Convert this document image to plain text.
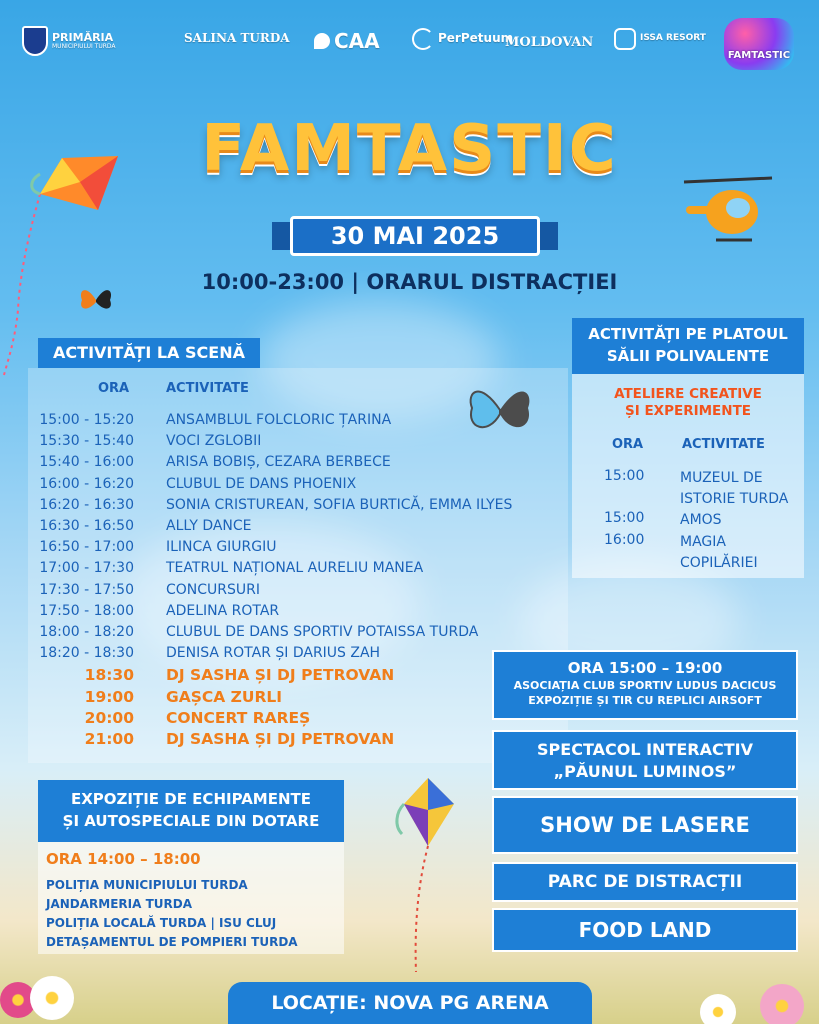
PRIMĂRIA
MUNICIPIULUI TURDA
SALINA TURDA CAA	PerPetuum
MOLDOVAN	ISSA RESORT
FAMTASTIC
FAMTASTIC
30 MAI 2025
10:00-23:00 | ORARUL DISTRACȚIEI
ACTIVITĂȚI LA SCENĂ
ORA	ACTIVITATE
15:00 - 15:20 ANSAMBLUL FOLCLORIC ȚARINA
15:30 - 15:40 VOCI ZGLOBII
15:40 - 16:00 ARISA BOBIȘ, CEZARA BERBECE
16:00 - 16:20 CLUBUL DE DANS PHOENIX
16:20 - 16:30 SONIA CRISTUREAN, SOFIA BURTICĂ, EMMA ILYES
16:30 - 16:50 ALLY DANCE
16:50 - 17:00 ILINCA GIURGIU
17:00 - 17:30 TEATRUL NAȚIONAL AURELIU MANEA
17:30 - 17:50 CONCURSURI
17:50 - 18:00 ADELINA ROTAR
18:00 - 18:20 CLUBUL DE DANS SPORTIV POTAISSA TURDA
18:20 - 18:30 DENISA ROTAR ȘI DARIUS ZAH
18:30 DJ SASHA ȘI DJ PETROVAN
19:00 GAȘCA ZURLI
20:00 CONCERT RAREȘ
21:00 DJ SASHA ȘI DJ PETROVAN
ACTIVITĂȚI PE PLATOUL
SĂLII POLIVALENTE
ATELIERE CREATIVE
ȘI EXPERIMENTE
ORA	ACTIVITATE
15:00	MUZEUL DE
ISTORIE TURDA
15:00	AMOS
16:00	MAGIA
COPILĂRIEI
ORA 15:00 – 19:00
ASOCIAȚIA CLUB SPORTIV LUDUS DACICUS
EXPOZIȚIE ȘI TIR CU REPLICI AIRSOFT
SPECTACOL INTERACTIV
„PĂUNUL LUMINOS”
SHOW DE LASERE
PARC DE DISTRACȚII
FOOD LAND
EXPOZIȚIE DE ECHIPAMENTE
ȘI AUTOSPECIALE DIN DOTARE
ORA 14:00 – 18:00
POLIȚIA MUNICIPIULUI TURDA
JANDARMERIA TURDA
POLIȚIA LOCALĂ TURDA | ISU CLUJ
DETAȘAMENTUL DE POMPIERI TURDA
LOCAȚIE: NOVA PG ARENA
